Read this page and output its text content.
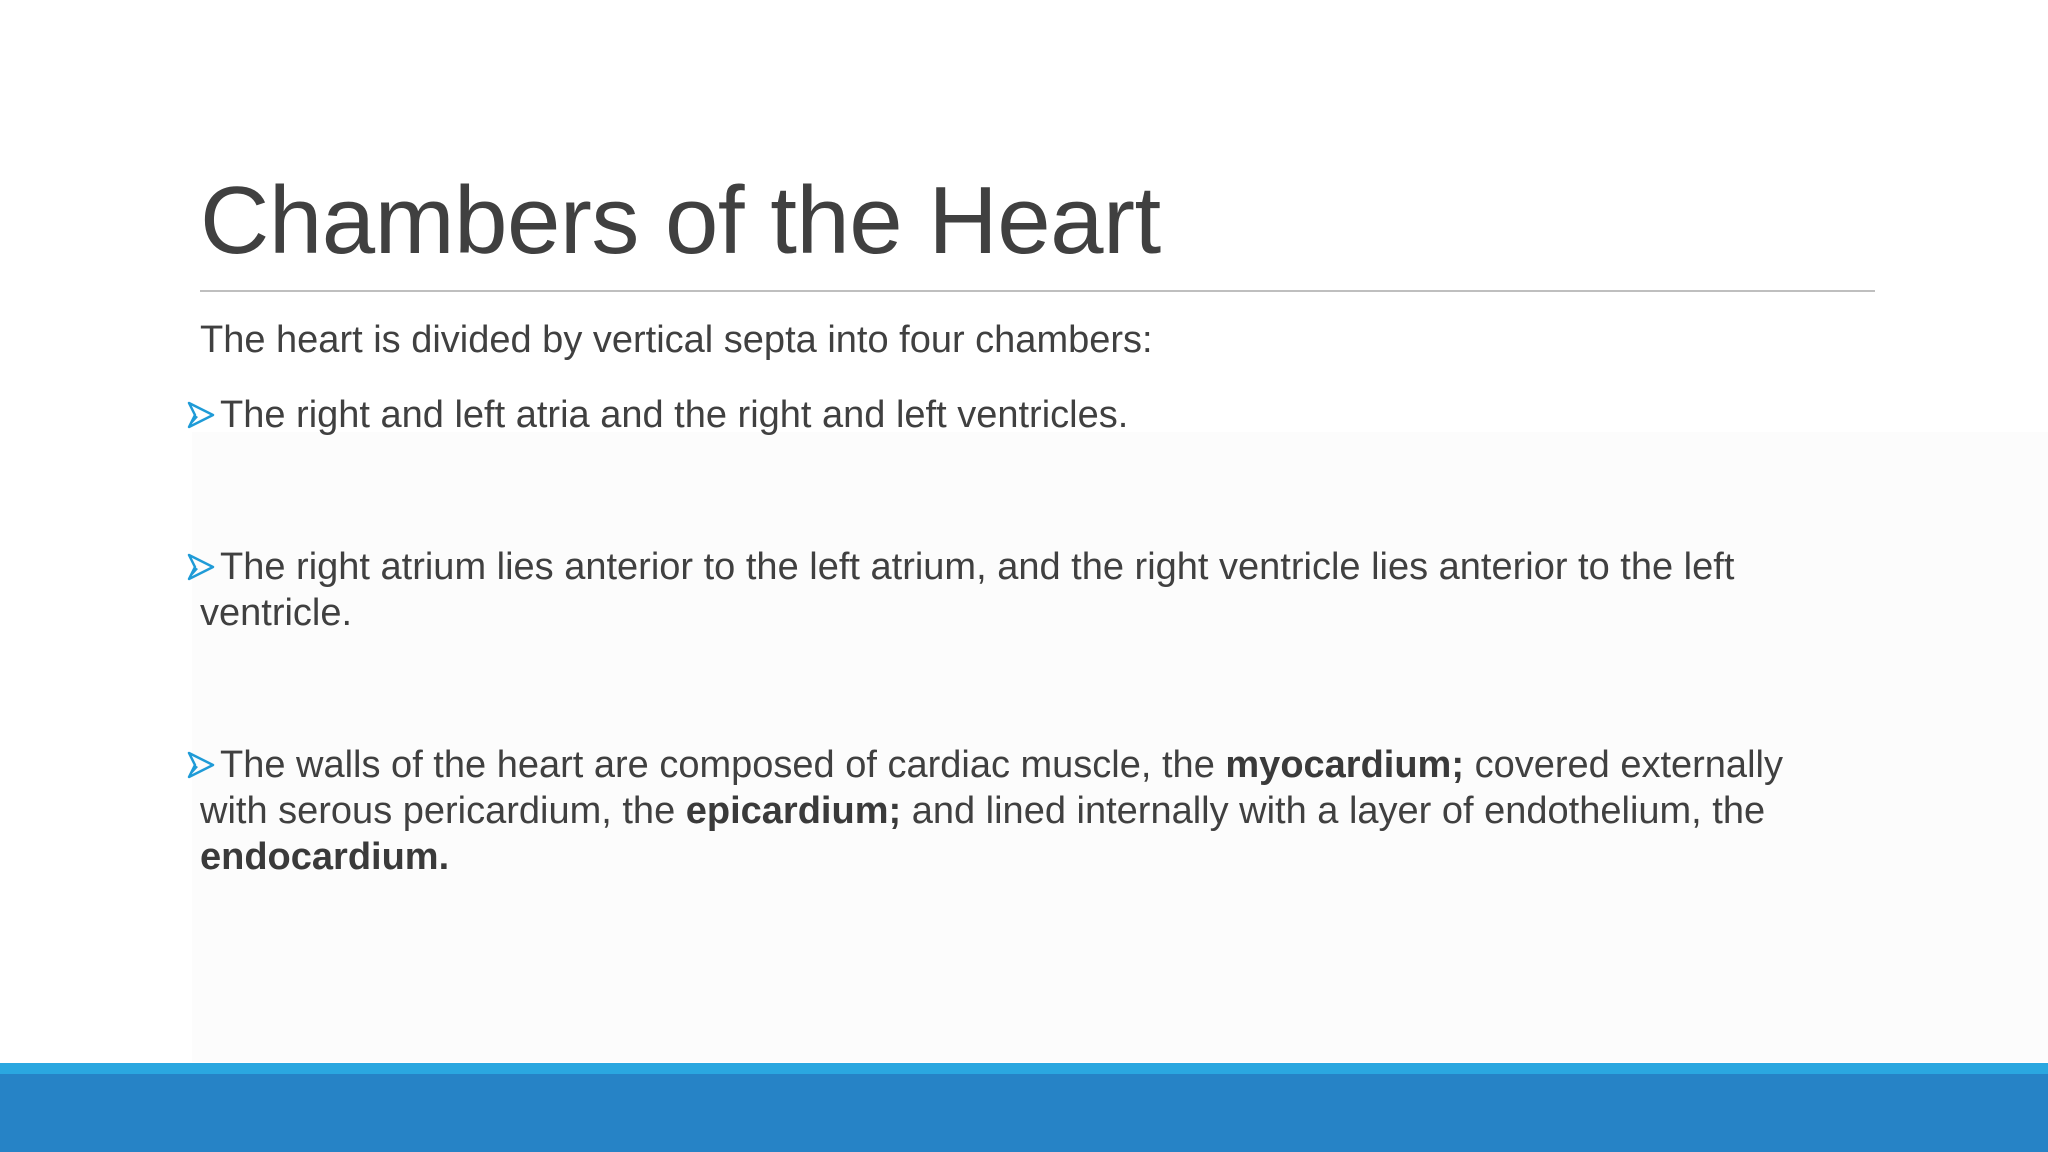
Chambers of the Heart
The heart is divided by vertical septa into four chambers:
The right and left atria and the right and left ventricles.
The right atrium lies anterior to the left atrium, and the right ventricle lies anterior to the left ventricle.
The walls of the heart are composed of cardiac muscle, the myocardium; covered externally with serous pericardium, the epicardium; and lined internally with a layer of endothelium, the endocardium.
